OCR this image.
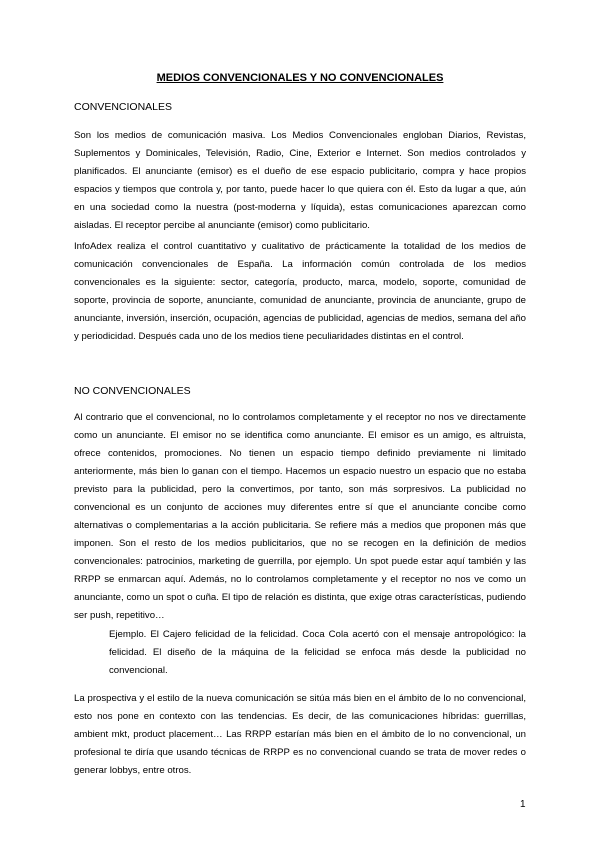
MEDIOS CONVENCIONALES Y NO CONVENCIONALES
CONVENCIONALES

Son los medios de comunicación masiva. Los Medios Convencionales engloban Diarios, Revistas, Suplementos y Dominicales, Televisión, Radio, Cine, Exterior e Internet. Son medios controlados y planificados. El anunciante (emisor) es el dueño de ese espacio publicitario, compra y hace propios espacios y tiempos que controla y, por tanto, puede hacer lo que quiera con él. Esto da lugar a que, aún en una sociedad como la nuestra (post-moderna y líquida), estas comunicaciones aparezcan como aisladas. El receptor percibe al anunciante (emisor) como publicitario.

InfoAdex realiza el control cuantitativo y cualitativo de prácticamente la totalidad de los medios de comunicación convencionales de España. La información común controlada de los medios convencionales es la siguiente: sector, categoría, producto, marca, modelo, soporte, comunidad de soporte, provincia de soporte, anunciante, comunidad de anunciante, provincia de anunciante, grupo de anunciante, inversión, inserción, ocupación, agencias de publicidad, agencias de medios, semana del año y periodicidad. Después cada uno de los medios tiene peculiaridades distintas en el control.

NO CONVENCIONALES

Al contrario que el convencional, no lo controlamos completamente y el receptor no nos ve directamente como un anunciante. El emisor no se identifica como anunciante. El emisor es un amigo, es altruista, ofrece contenidos, promociones. No tienen un espacio tiempo definido previamente ni limitado anteriormente, más bien lo ganan con el tiempo. Hacemos un espacio nuestro un espacio que no estaba previsto para la publicidad, pero la convertimos, por tanto, son más sorpresivos. La publicidad no convencional es un conjunto de acciones muy diferentes entre sí que el anunciante concibe como alternativas o complementarias a la acción publicitaria. Se refiere más a medios que proponen más que imponen. Son el resto de los medios publicitarios, que no se recogen en la definición de medios convencionales: patrocinios, marketing de guerrilla, por ejemplo. Un spot puede estar aquí también y las RRPP se enmarcan aquí. Además, no lo controlamos completamente y el receptor no nos ve como un anunciante, como un spot o cuña. El tipo de relación es distinta, que exige otras características, pudiendo ser push, repetitivo…

Ejemplo. El Cajero felicidad de la felicidad. Coca Cola acertó con el mensaje antropológico: la felicidad. El diseño de la máquina de la felicidad se enfoca más desde la publicidad no convencional.

La prospectiva y el estilo de la nueva comunicación se sitúa más bien en el ámbito de lo no convencional, esto nos pone en contexto con las tendencias. Es decir, de las comunicaciones híbridas: guerrillas, ambient mkt, product placement… Las RRPP estarían más bien en el ámbito de lo no convencional, un profesional te diría que usando técnicas de RRPP es no convencional cuando se trata de mover redes o generar lobbys, entre otros.

1
